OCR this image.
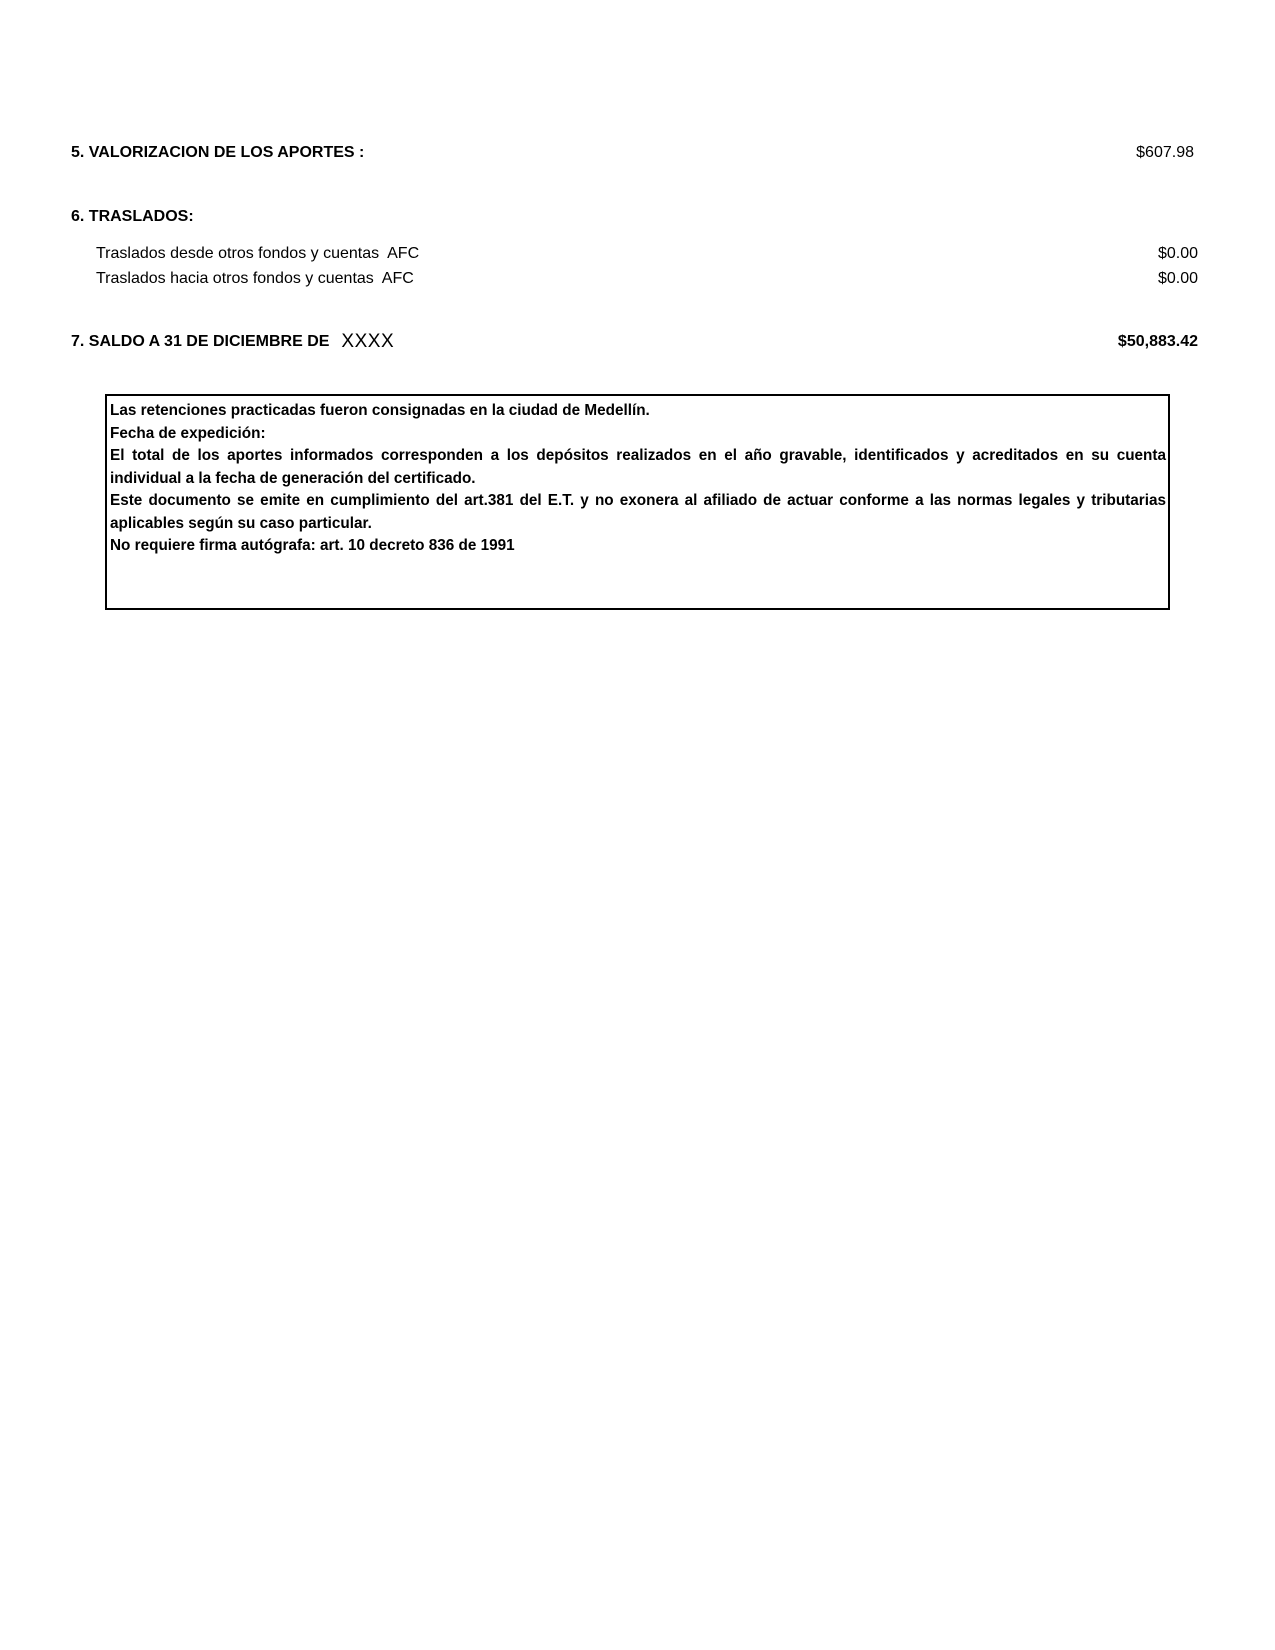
5. VALORIZACION DE LOS APORTES :	$607.98
6. TRASLADOS:
Traslados desde otros fondos y cuentas  AFC	$0.00
Traslados hacia otros fondos y cuentas  AFC	$0.00
7. SALDO A 31 DE DICIEMBRE DE XXXX	$50,883.42
Las retenciones practicadas fueron consignadas en la ciudad de Medellín.
Fecha de expedición:
El total de los aportes informados corresponden a los depósitos realizados en el año gravable, identificados y acreditados en su cuenta individual a la fecha de generación del certificado.
Este documento se emite en cumplimiento del art.381 del E.T. y no exonera al afiliado de actuar conforme a las normas legales y tributarias aplicables según su caso particular.
No requiere firma autógrafa: art. 10 decreto 836 de 1991
